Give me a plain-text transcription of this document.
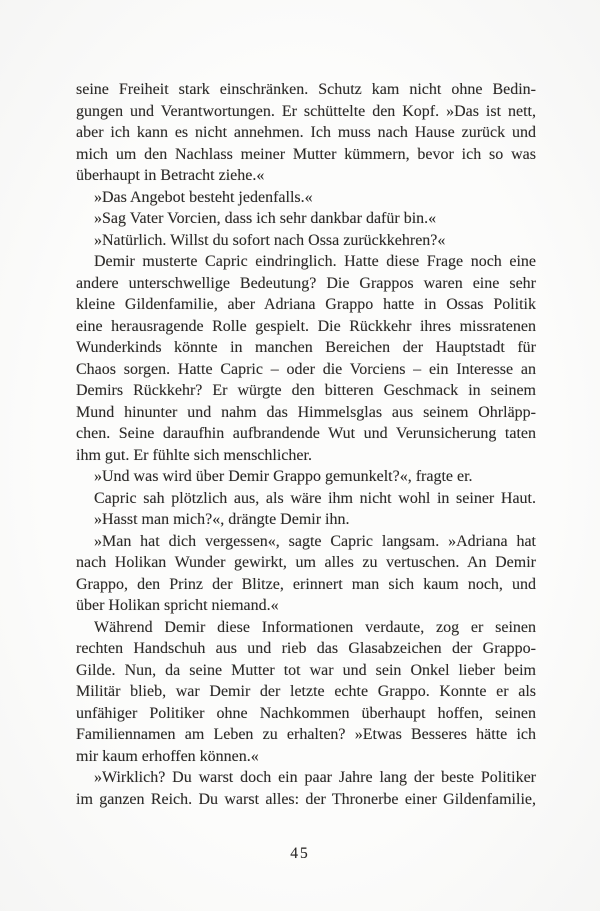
seine Freiheit stark einschränken. Schutz kam nicht ohne Bedin-
gungen und Verantwortungen. Er schüttelte den Kopf. »Das ist nett,
aber ich kann es nicht annehmen. Ich muss nach Hause zurück und
mich um den Nachlass meiner Mutter kümmern, bevor ich so was
überhaupt in Betracht ziehe.«
»Das Angebot besteht jedenfalls.«
»Sag Vater Vorcien, dass ich sehr dankbar dafür bin.«
»Natürlich. Willst du sofort nach Ossa zurückkehren?«
Demir musterte Capric eindringlich. Hatte diese Frage noch eine
andere unterschwellige Bedeutung? Die Grappos waren eine sehr
kleine Gildenfamilie, aber Adriana Grappo hatte in Ossas Politik
eine herausragende Rolle gespielt. Die Rückkehr ihres missratenen
Wunderkinds könnte in manchen Bereichen der Hauptstadt für
Chaos sorgen. Hatte Capric – oder die Vorciens – ein Interesse an
Demirs Rückkehr? Er würgte den bitteren Geschmack in seinem
Mund hinunter und nahm das Himmelsglas aus seinem Ohrläpp-
chen. Seine daraufhin aufbrandende Wut und Verunsicherung taten
ihm gut. Er fühlte sich menschlicher.
»Und was wird über Demir Grappo gemunkelt?«, fragte er.
Capric sah plötzlich aus, als wäre ihm nicht wohl in seiner Haut.
»Hasst man mich?«, drängte Demir ihn.
»Man hat dich vergessen«, sagte Capric langsam. »Adriana hat
nach Holikan Wunder gewirkt, um alles zu vertuschen. An Demir
Grappo, den Prinz der Blitze, erinnert man sich kaum noch, und
über Holikan spricht niemand.«
Während Demir diese Informationen verdaute, zog er seinen
rechten Handschuh aus und rieb das Glasabzeichen der Grappo-
Gilde. Nun, da seine Mutter tot war und sein Onkel lieber beim
Militär blieb, war Demir der letzte echte Grappo. Konnte er als
unfähiger Politiker ohne Nachkommen überhaupt hoffen, seinen
Familiennamen am Leben zu erhalten? »Etwas Besseres hätte ich
mir kaum erhoffen können.«
»Wirklich? Du warst doch ein paar Jahre lang der beste Politiker
im ganzen Reich. Du warst alles: der Thronerbe einer Gildenfamilie,
45
